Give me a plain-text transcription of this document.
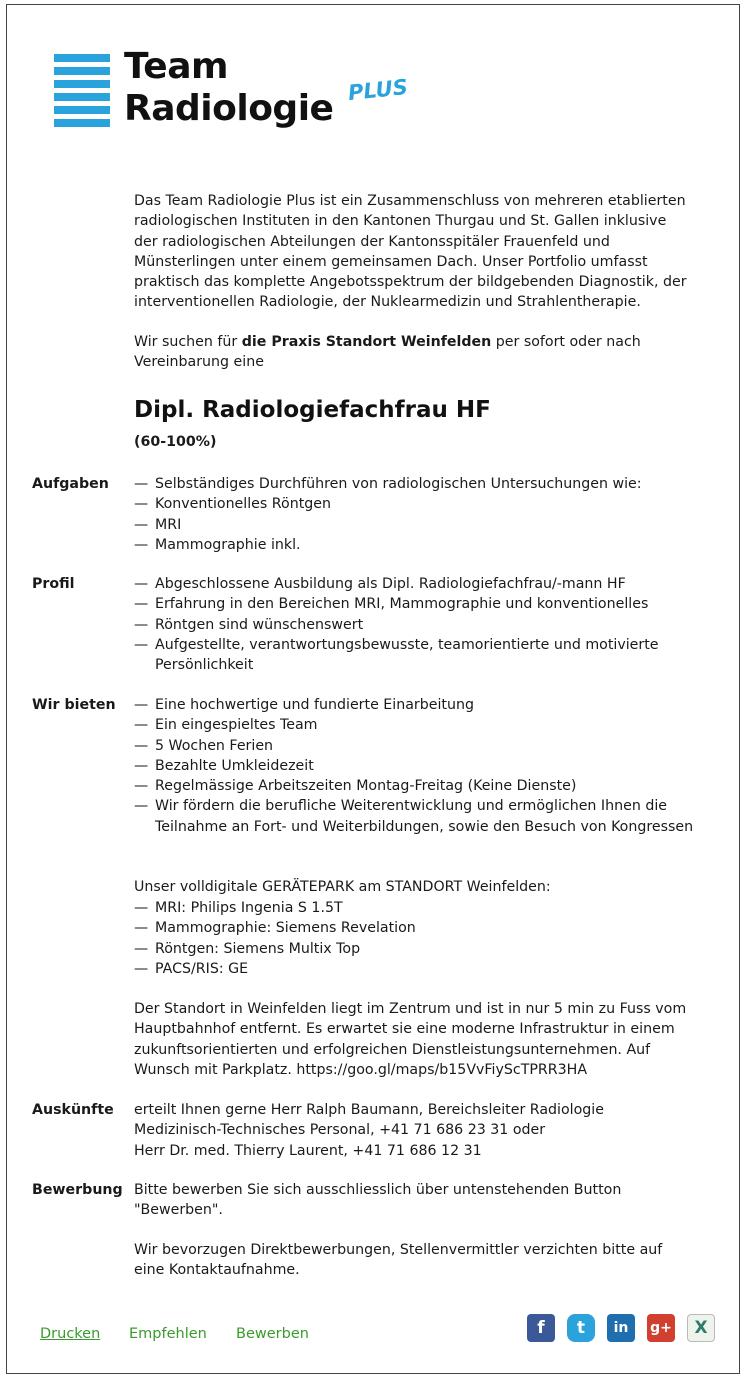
Team
Radiologie PLUS
Das Team Radiologie Plus ist ein Zusammenschluss von mehreren etablierten
radiologischen Instituten in den Kantonen Thurgau und St. Gallen inklusive
der radiologischen Abteilungen der Kantonsspitäler Frauenfeld und
Münsterlingen unter einem gemeinsamen Dach. Unser Portfolio umfasst
praktisch das komplette Angebotsspektrum der bildgebenden Diagnostik, der
interventionellen Radiologie, der Nuklearmedizin und Strahlentherapie.
Wir suchen für die Praxis Standort Weinfelden per sofort oder nach
Vereinbarung eine
Dipl. Radiologiefachfrau HF
(60-100%)
Aufgaben	— Selbständiges Durchführen von radiologischen Untersuchungen wie:
— Konventionelles Röntgen
— MRI
— Mammographie inkl.
Profil	— Abgeschlossene Ausbildung als Dipl. Radiologiefachfrau/-mann HF
— Erfahrung in den Bereichen MRI, Mammographie und konventionelles
— Röntgen sind wünschenswert
— Aufgestellte, verantwortungsbewusste, teamorientierte und motivierte Persönlichkeit
Wir bieten	— Eine hochwertige und fundierte Einarbeitung
— Ein eingespieltes Team
— 5 Wochen Ferien
— Bezahlte Umkleidezeit
— Regelmässige Arbeitszeiten Montag-Freitag (Keine Dienste)
— Wir fördern die berufliche Weiterentwicklung und ermöglichen Ihnen die Teilnahme an Fort- und Weiterbildungen, sowie den Besuch von Kongressen
Unser volldigitale GERÄTEPARK am STANDORT Weinfelden:
— MRI: Philips Ingenia S 1.5T
— Mammographie: Siemens Revelation
— Röntgen: Siemens Multix Top
— PACS/RIS: GE
Der Standort in Weinfelden liegt im Zentrum und ist in nur 5 min zu Fuss vom
Hauptbahnhof entfernt. Es erwartet sie eine moderne Infrastruktur in einem
zukunftsorientierten und erfolgreichen Dienstleistungsunternehmen. Auf
Wunsch mit Parkplatz. https://goo.gl/maps/b15VvFiyScTPRR3HA
Auskünfte erteilt Ihnen gerne Herr Ralph Baumann, Bereichsleiter Radiologie
Medizinisch-Technisches Personal, +41 71 686 23 31 oder
Herr Dr. med. Thierry Laurent, +41 71 686 12 31
Bewerbung Bitte bewerben Sie sich ausschliesslich über untenstehenden Button
"Bewerben".
Wir bevorzugen Direktbewerbungen, Stellenvermittler verzichten bitte auf
eine Kontaktaufnahme.
Drucken Empfehlen Bewerben	f	t	in	g+	X
